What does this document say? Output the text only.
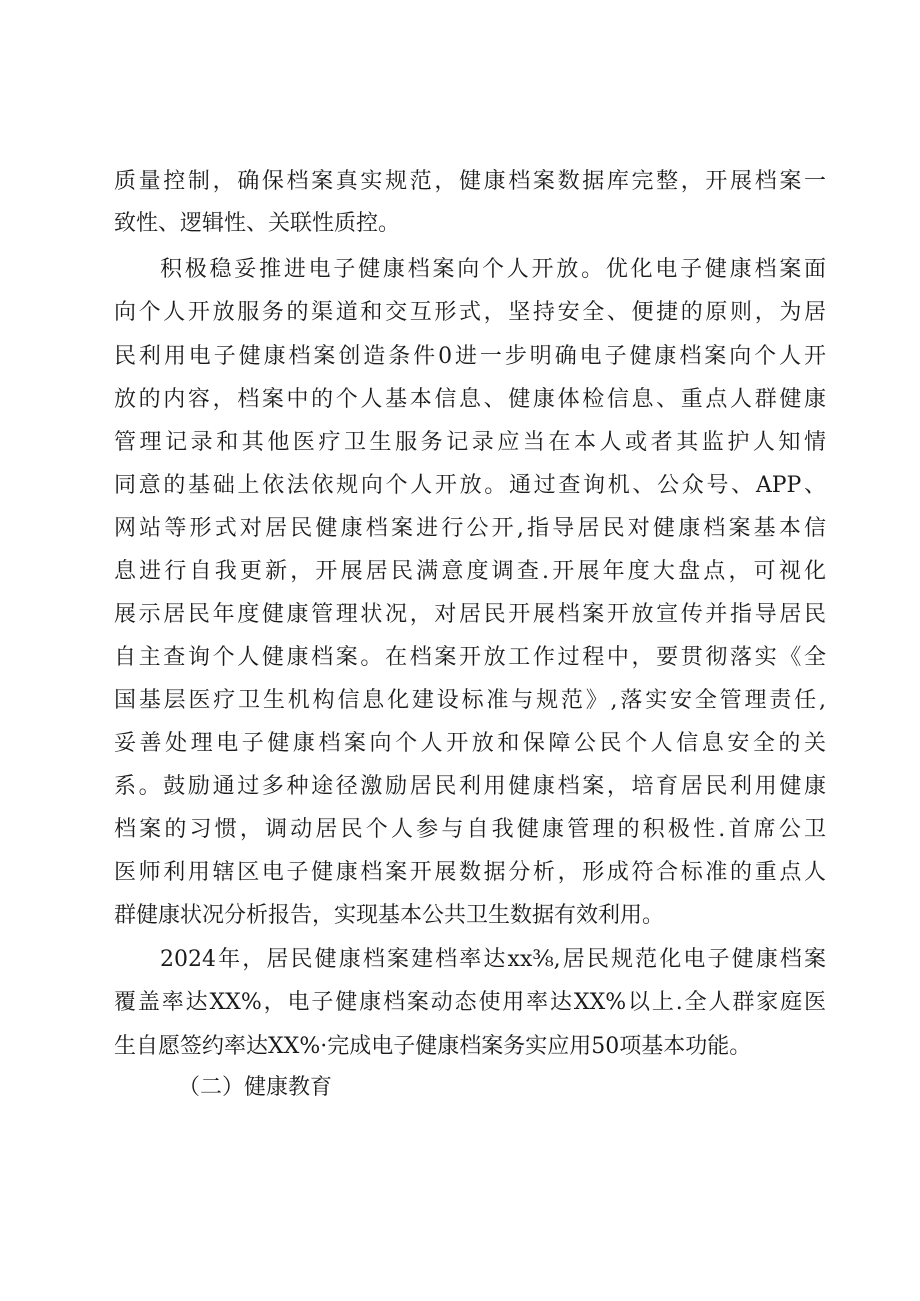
质量控制，确保档案真实规范，健康档案数据库完整，开展档案一
致性、逻辑性、关联性质控。
积极稳妥推进电子健康档案向个人开放。优化电子健康档案面
向个人开放服务的渠道和交互形式，坚持安全、便捷的原则，为居
民利用电子健康档案创造条件0进一步明确电子健康档案向个人开
放的内容，档案中的个人基本信息、健康体检信息、重点人群健康
管理记录和其他医疗卫生服务记录应当在本人或者其监护人知情
同意的基础上依法依规向个人开放。通过查询机、公众号、APP、
网站等形式对居民健康档案进行公开,指导居民对健康档案基本信
息进行自我更新，开展居民满意度调查.开展年度大盘点，可视化
展示居民年度健康管理状况，对居民开展档案开放宣传并指导居民
自主查询个人健康档案。在档案开放工作过程中，要贯彻落实《全
国基层医疗卫生机构信息化建设标准与规范》,落实安全管理责任,
妥善处理电子健康档案向个人开放和保障公民个人信息安全的关
系。鼓励通过多种途径激励居民利用健康档案，培育居民利用健康
档案的习惯，调动居民个人参与自我健康管理的积极性.首席公卫
医师利用辖区电子健康档案开展数据分析，形成符合标准的重点人
群健康状况分析报告，实现基本公共卫生数据有效利用。
2024年，居民健康档案建档率达xx⅜,居民规范化电子健康档案
覆盖率达XX%，电子健康档案动态使用率达XX%以上.全人群家庭医
生自愿签约率达XX%·完成电子健康档案务实应用50项基本功能。
（二）健康教育
